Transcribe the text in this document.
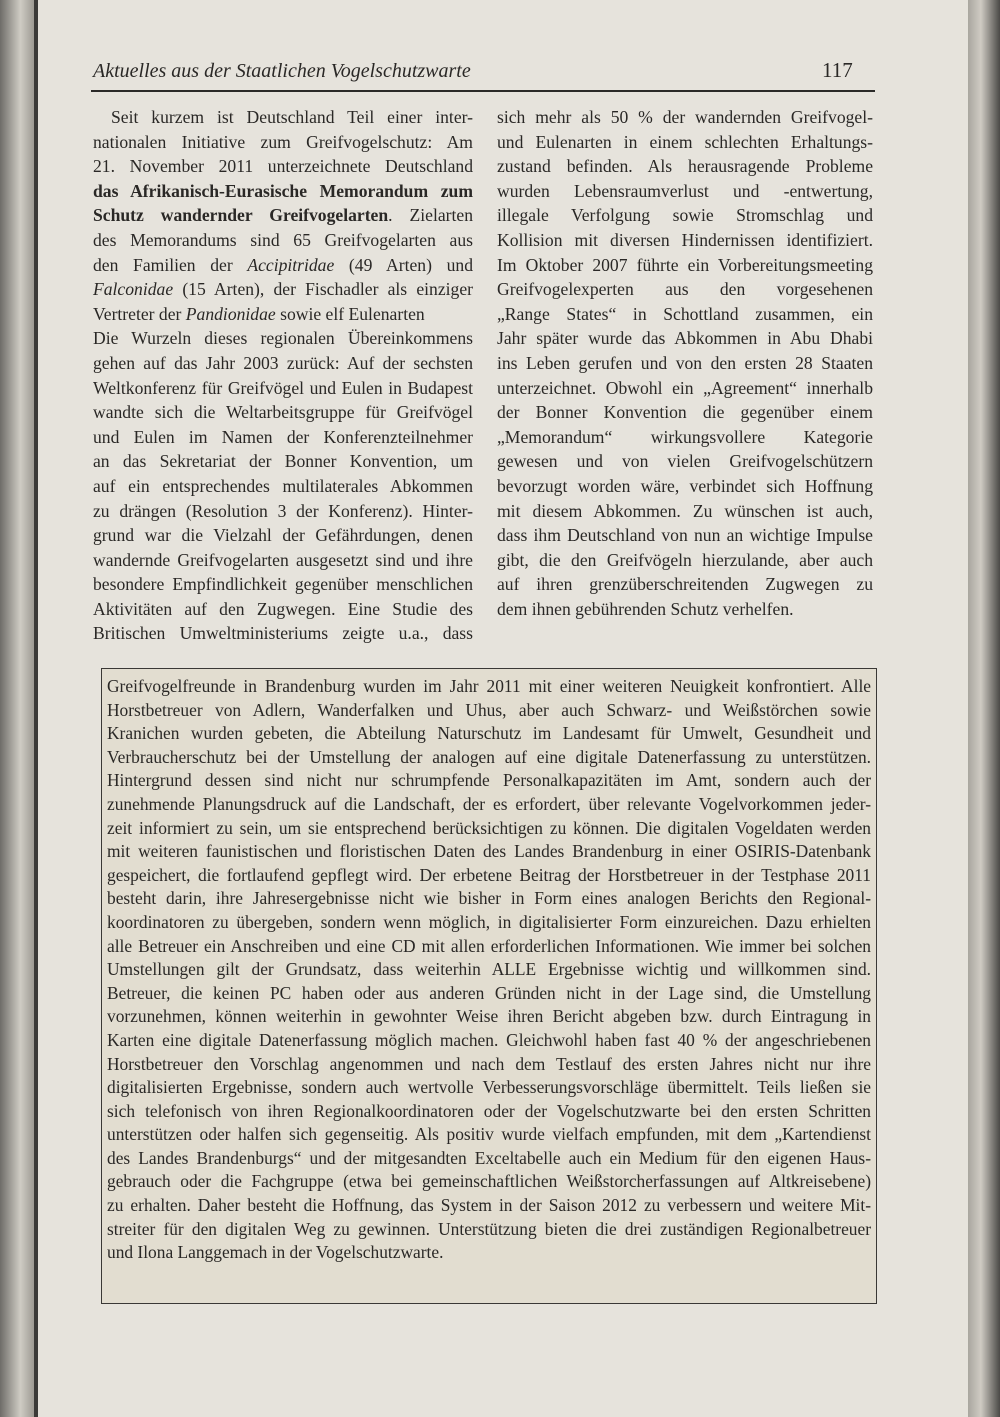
Aktuelles aus der Staatlichen Vogelschutzwarte	117
Seit kurzem ist Deutschland Teil einer inter-
nationalen Initiative zum Greifvogelschutz: Am
21. November 2011 unterzeichnete Deutschland
das Afrikanisch-Eurasische Memorandum zum
Schutz wandernder Greifvogelarten. Zielarten
des Memorandums sind 65 Greifvogelarten aus
den Familien der Accipitridae (49 Arten) und
Falconidae (15 Arten), der Fischadler als einziger
Vertreter der Pandionidae sowie elf Eulenarten
Die Wurzeln dieses regionalen Übereinkommens
gehen auf das Jahr 2003 zurück: Auf der sechsten
Weltkonferenz für Greifvögel und Eulen in Budapest
wandte sich die Weltarbeitsgruppe für Greifvögel
und Eulen im Namen der Konferenzteilnehmer
an das Sekretariat der Bonner Konvention, um
auf ein entsprechendes multilaterales Abkommen
zu drängen (Resolution 3 der Konferenz). Hinter-
grund war die Vielzahl der Gefährdungen, denen
wandernde Greifvogelarten ausgesetzt sind und ihre
besondere Empfindlichkeit gegenüber menschlichen
Aktivitäten auf den Zugwegen. Eine Studie des
Britischen Umweltministeriums zeigte u.a., dass
sich mehr als 50 % der wandernden Greifvogel-
und Eulenarten in einem schlechten Erhaltungs-
zustand befinden. Als herausragende Probleme
wurden Lebensraumverlust und -entwertung,
illegale Verfolgung sowie Stromschlag und
Kollision mit diversen Hindernissen identifiziert.
Im Oktober 2007 führte ein Vorbereitungsmeeting
Greifvogelexperten aus den vorgesehenen
„Range States“ in Schottland zusammen, ein
Jahr später wurde das Abkommen in Abu Dhabi
ins Leben gerufen und von den ersten 28 Staaten
unterzeichnet. Obwohl ein „Agreement“ innerhalb
der Bonner Konvention die gegenüber einem
„Memorandum“ wirkungsvollere Kategorie
gewesen und von vielen Greifvogelschützern
bevorzugt worden wäre, verbindet sich Hoffnung
mit diesem Abkommen. Zu wünschen ist auch,
dass ihm Deutschland von nun an wichtige Impulse
gibt, die den Greifvögeln hierzulande, aber auch
auf ihren grenzüberschreitenden Zugwegen zu
dem ihnen gebührenden Schutz verhelfen.
Greifvogelfreunde in Brandenburg wurden im Jahr 2011 mit einer weiteren Neuigkeit konfrontiert. Alle
Horstbetreuer von Adlern, Wanderfalken und Uhus, aber auch Schwarz- und Weißstörchen sowie
Kranichen wurden gebeten, die Abteilung Naturschutz im Landesamt für Umwelt, Gesundheit und
Verbraucherschutz bei der Umstellung der analogen auf eine digitale Datenerfassung zu unterstützen.
Hintergrund dessen sind nicht nur schrumpfende Personalkapazitäten im Amt, sondern auch der
zunehmende Planungsdruck auf die Landschaft, der es erfordert, über relevante Vogelvorkommen jeder-
zeit informiert zu sein, um sie entsprechend berücksichtigen zu können. Die digitalen Vogeldaten werden
mit weiteren faunistischen und floristischen Daten des Landes Brandenburg in einer OSIRIS-Datenbank
gespeichert, die fortlaufend gepflegt wird. Der erbetene Beitrag der Horstbetreuer in der Testphase 2011
besteht darin, ihre Jahresergebnisse nicht wie bisher in Form eines analogen Berichts den Regional-
koordinatoren zu übergeben, sondern wenn möglich, in digitalisierter Form einzureichen. Dazu erhielten
alle Betreuer ein Anschreiben und eine CD mit allen erforderlichen Informationen. Wie immer bei solchen
Umstellungen gilt der Grundsatz, dass weiterhin ALLE Ergebnisse wichtig und willkommen sind.
Betreuer, die keinen PC haben oder aus anderen Gründen nicht in der Lage sind, die Umstellung
vorzunehmen, können weiterhin in gewohnter Weise ihren Bericht abgeben bzw. durch Eintragung in
Karten eine digitale Datenerfassung möglich machen. Gleichwohl haben fast 40 % der angeschriebenen
Horstbetreuer den Vorschlag angenommen und nach dem Testlauf des ersten Jahres nicht nur ihre
digitalisierten Ergebnisse, sondern auch wertvolle Verbesserungsvorschläge übermittelt. Teils ließen sie
sich telefonisch von ihren Regionalkoordinatoren oder der Vogelschutzwarte bei den ersten Schritten
unterstützen oder halfen sich gegenseitig. Als positiv wurde vielfach empfunden, mit dem „Kartendienst
des Landes Brandenburgs“ und der mitgesandten Exceltabelle auch ein Medium für den eigenen Haus-
gebrauch oder die Fachgruppe (etwa bei gemeinschaftlichen Weißstorcherfassungen auf Altkreisebene)
zu erhalten. Daher besteht die Hoffnung, das System in der Saison 2012 zu verbessern und weitere Mit-
streiter für den digitalen Weg zu gewinnen. Unterstützung bieten die drei zuständigen Regionalbetreuer
und Ilona Langgemach in der Vogelschutzwarte.
